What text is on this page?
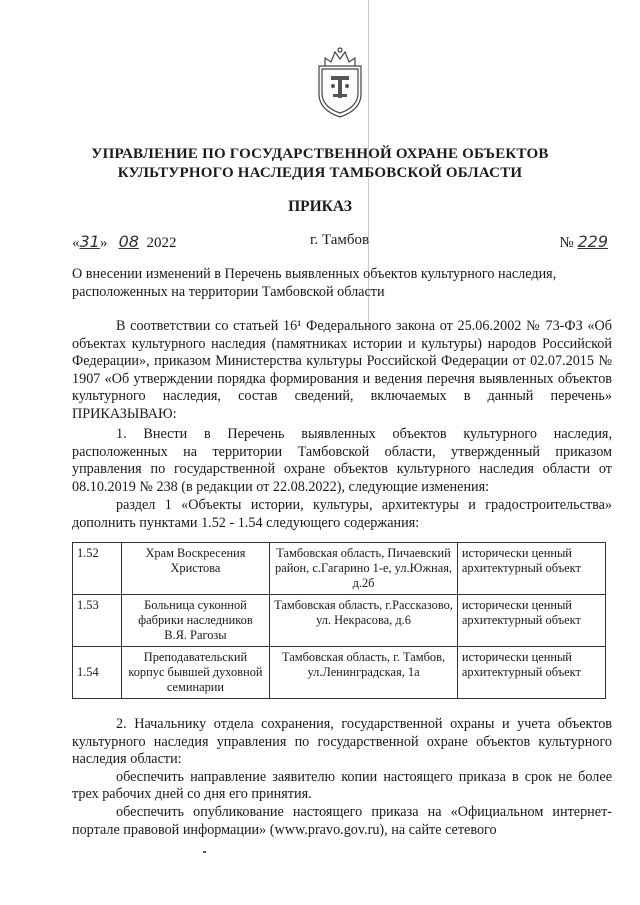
УПРАВЛЕНИЕ ПО ГОСУДАРСТВЕННОЙ ОХРАНЕ ОБЪЕКТОВ
КУЛЬТУРНОГО НАСЛЕДИЯ ТАМБОВСКОЙ ОБЛАСТИ
ПРИКАЗ
«31» 08 2022	г. Тамбов	№ 229
О внесении изменений в Перечень выявленных объектов культурного наследия, расположенных на территории Тамбовской области
В соответствии со статьей 16¹ Федерального закона от 25.06.2002 № 73-ФЗ «Об объектах культурного наследия (памятниках истории и культуры) народов Российской Федерации», приказом Министерства культуры Российской Федерации от 02.07.2015 № 1907 «Об утверждении порядка формирования и ведения перечня выявленных объектов культурного наследия, состав сведений, включаемых в данный перечень» ПРИКАЗЫВАЮ:
1. Внести в Перечень выявленных объектов культурного наследия, расположенных на территории Тамбовской области, утвержденный приказом управления по государственной охране объектов культурного наследия области от 08.10.2019 № 238 (в редакции от 22.08.2022), следующие изменения:
раздел 1 «Объекты истории, культуры, архитектуры и градостроительства» дополнить пунктами 1.52 - 1.54 следующего содержания:
1.52	Храм Воскресения Христова	Тамбовская область, Пичаевский район, с.Гагарино 1-е, ул.Южная, д.2б	исторически ценный архитектурный объект
1.53	Больница суконной фабрики наследников В.Я. Рагозы	Тамбовская область, г.Рассказово, ул. Некрасова, д.6	исторически ценный архитектурный объект
1.54	Преподавательский корпус бывшей духовной семинарии	Тамбовская область, г. Тамбов, ул.Ленинградская, 1а	исторически ценный архитектурный объект
2. Начальнику отдела сохранения, государственной охраны и учета объектов культурного наследия управления по государственной охране объектов культурного наследия области:
обеспечить направление заявителю копии настоящего приказа в срок не более трех рабочих дней со дня его принятия.
обеспечить опубликование настоящего приказа на «Официальном интернет-портале правовой информации» (www.pravo.gov.ru), на сайте сетевого
